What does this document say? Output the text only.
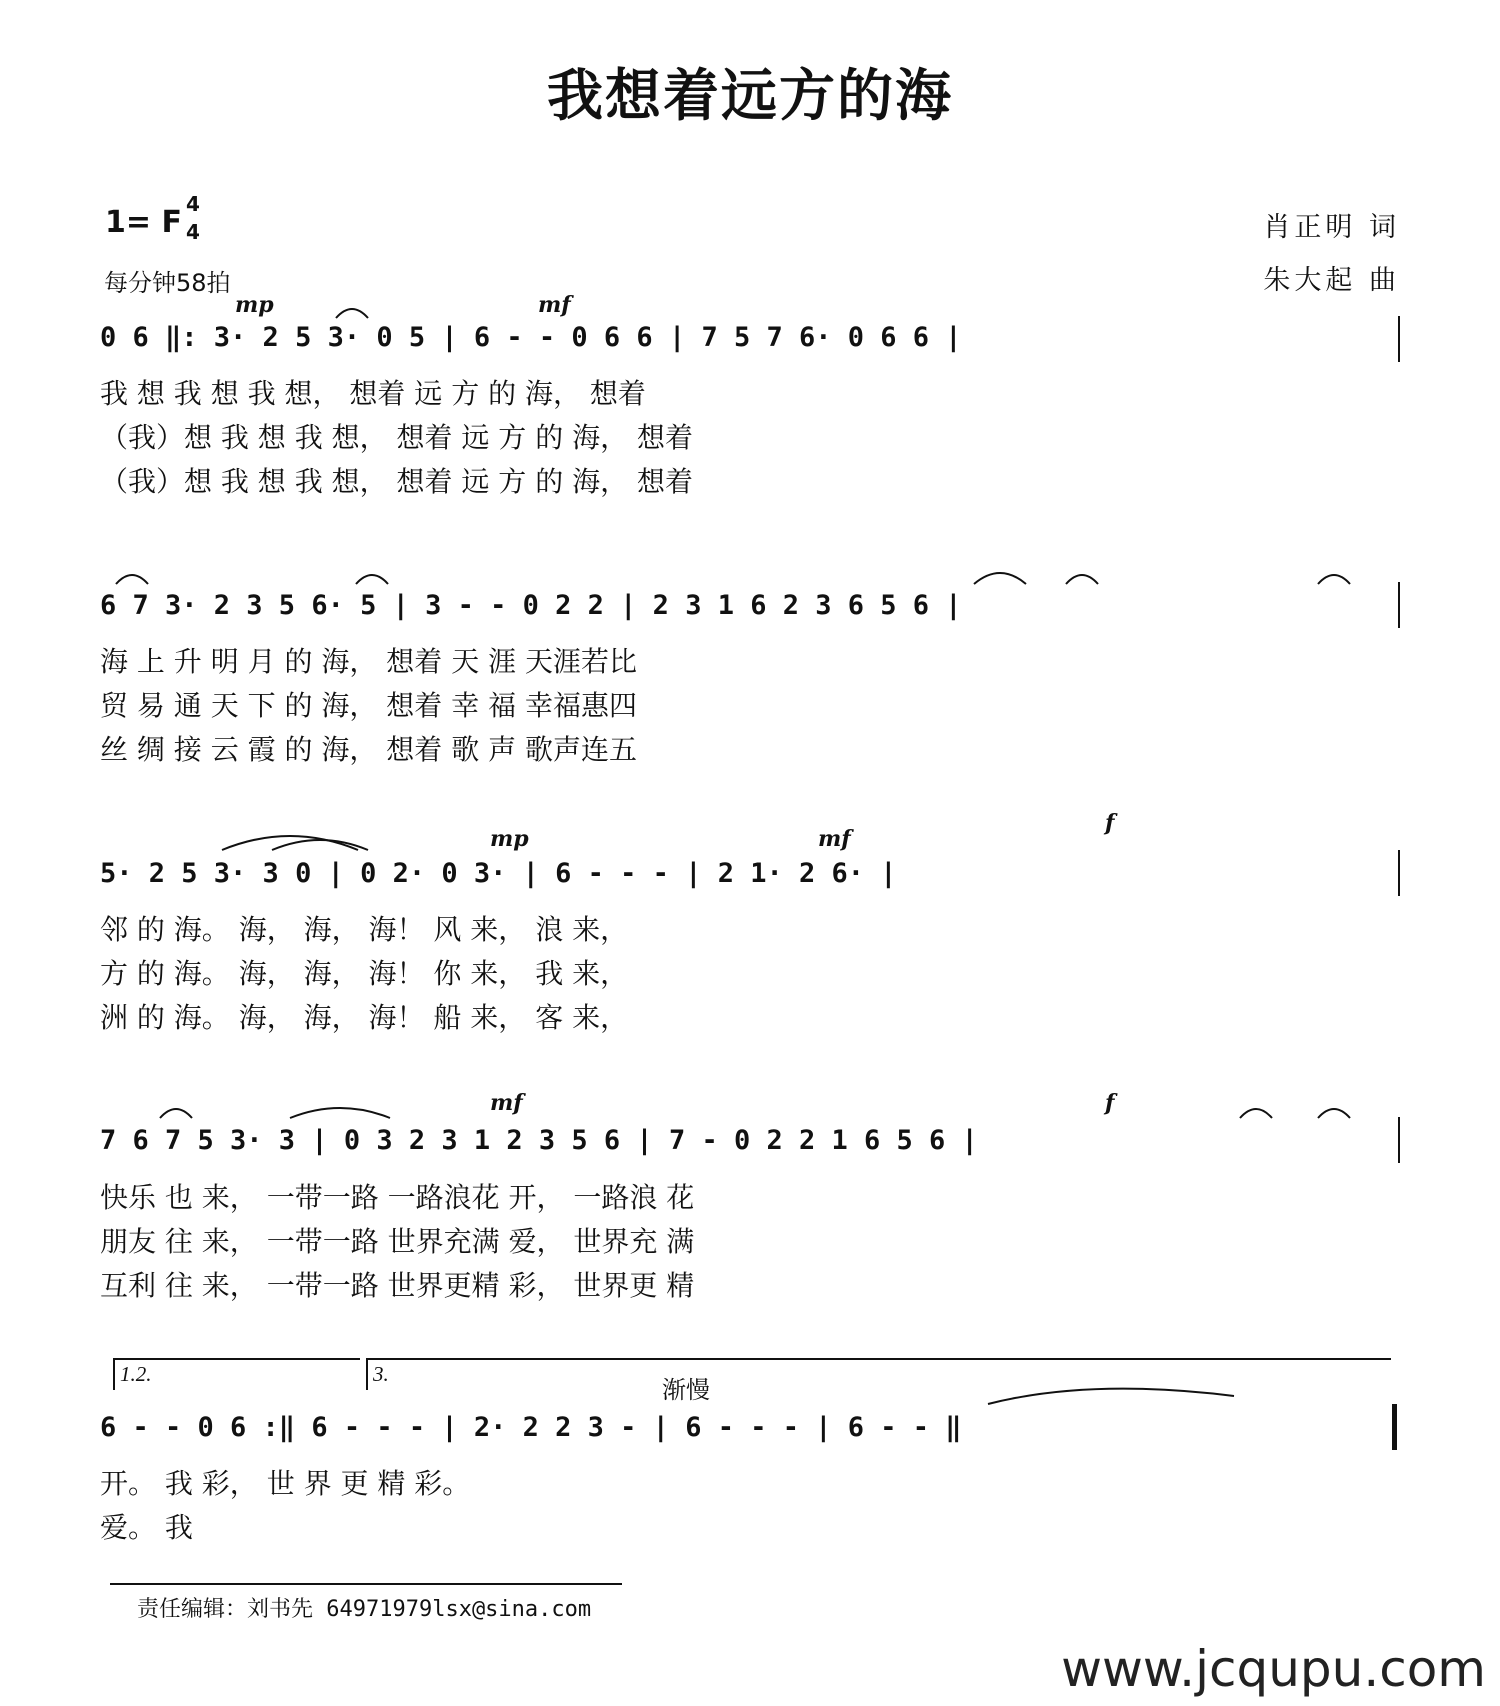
我想着远方的海
1= F
4
4
每分钟58拍
肖正明 词
朱大起 曲
mp	mf
0 6 ‖: 3· 2 5 3· 0 5 | 6 - - 0 6 6 | 7 5 7 6· 0 6 6 |
我 想 我 想 我 想， 想着 远 方 的 海， 想着
（我）想 我 想 我 想， 想着 远 方 的 海， 想着
（我）想 我 想 我 想， 想着 远 方 的 海， 想着
6 7 3· 2 3 5 6· 5 | 3 - - 0 2 2 | 2 3 1 6 2 3 6 5 6 |
海 上 升 明 月 的 海， 想着 天 涯 天涯若比
贸 易 通 天 下 的 海， 想着 幸 福 幸福惠四
丝 绸 接 云 霞 的 海， 想着 歌 声 歌声连五
mp	mf
f
5· 2 5 3· 3 0 | 0 2· 0 3· | 6 - - - | 2 1· 2 6· |
邻 的 海。 海， 海， 海！ 风 来， 浪 来，
方 的 海。 海， 海， 海！ 你 来， 我 来，
洲 的 海。 海， 海， 海！ 船 来， 客 来，
mf	f
7 6 7 5 3· 3 | 0 3 2 3 1 2 3 5 6 | 7 - 0 2 2 1 6 5 6 |
快乐 也 来， 一带一路 一路浪花 开， 一路浪 花
朋友 往 来， 一带一路 世界充满 爱， 世界充 满
互利 往 来， 一带一路 世界更精 彩， 世界更 精
1.2.	3.
渐慢
6 - - 0 6 :‖ 6 - - - | 2· 2 2 3 - | 6 - - - | 6 - - ‖
开。 我 彩， 世 界 更 精 彩。
爱。 我
责任编辑：刘书先 64971979lsx@sina.com
www.jcqupu.com
